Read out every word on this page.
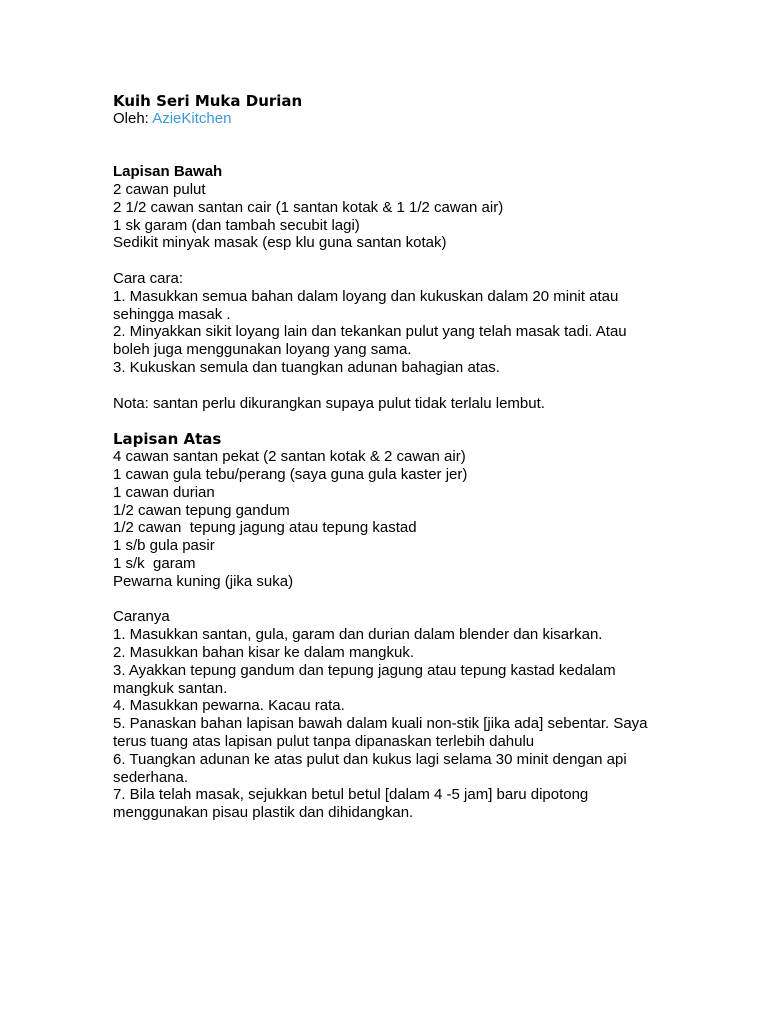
Kuih Seri Muka Durian

Oleh: AzieKitchen

Lapisan Bawah

2 cawan pulut

2 1/2 cawan santan cair (1 santan kotak & 1 1/2 cawan air)

1 sk garam (dan tambah secubit lagi)

Sedikit minyak masak (esp klu guna santan kotak)

Cara cara:

1. Masukkan semua bahan dalam loyang dan kukuskan dalam 20 minit atau

sehingga masak .

2. Minyakkan sikit loyang lain dan tekankan pulut yang telah masak tadi. Atau

boleh juga menggunakan loyang yang sama.

3. Kukuskan semula dan tuangkan adunan bahagian atas.

Nota: santan perlu dikurangkan supaya pulut tidak terlalu lembut.

Lapisan Atas

4 cawan santan pekat (2 santan kotak & 2 cawan air)

1 cawan gula tebu/perang (saya guna gula kaster jer)

1 cawan durian

1/2 cawan tepung gandum

1/2 cawan  tepung jagung atau tepung kastad

1 s/b gula pasir

1 s/k  garam

Pewarna kuning (jika suka)

Caranya

1. Masukkan santan, gula, garam dan durian dalam blender dan kisarkan.

2. Masukkan bahan kisar ke dalam mangkuk.

3. Ayakkan tepung gandum dan tepung jagung atau tepung kastad kedalam

mangkuk santan.

4. Masukkan pewarna. Kacau rata.

5. Panaskan bahan lapisan bawah dalam kuali non-stik [jika ada] sebentar. Saya

terus tuang atas lapisan pulut tanpa dipanaskan terlebih dahulu

6. Tuangkan adunan ke atas pulut dan kukus lagi selama 30 minit dengan api

sederhana.

7. Bila telah masak, sejukkan betul betul [dalam 4 -5 jam] baru dipotong

menggunakan pisau plastik dan dihidangkan.
